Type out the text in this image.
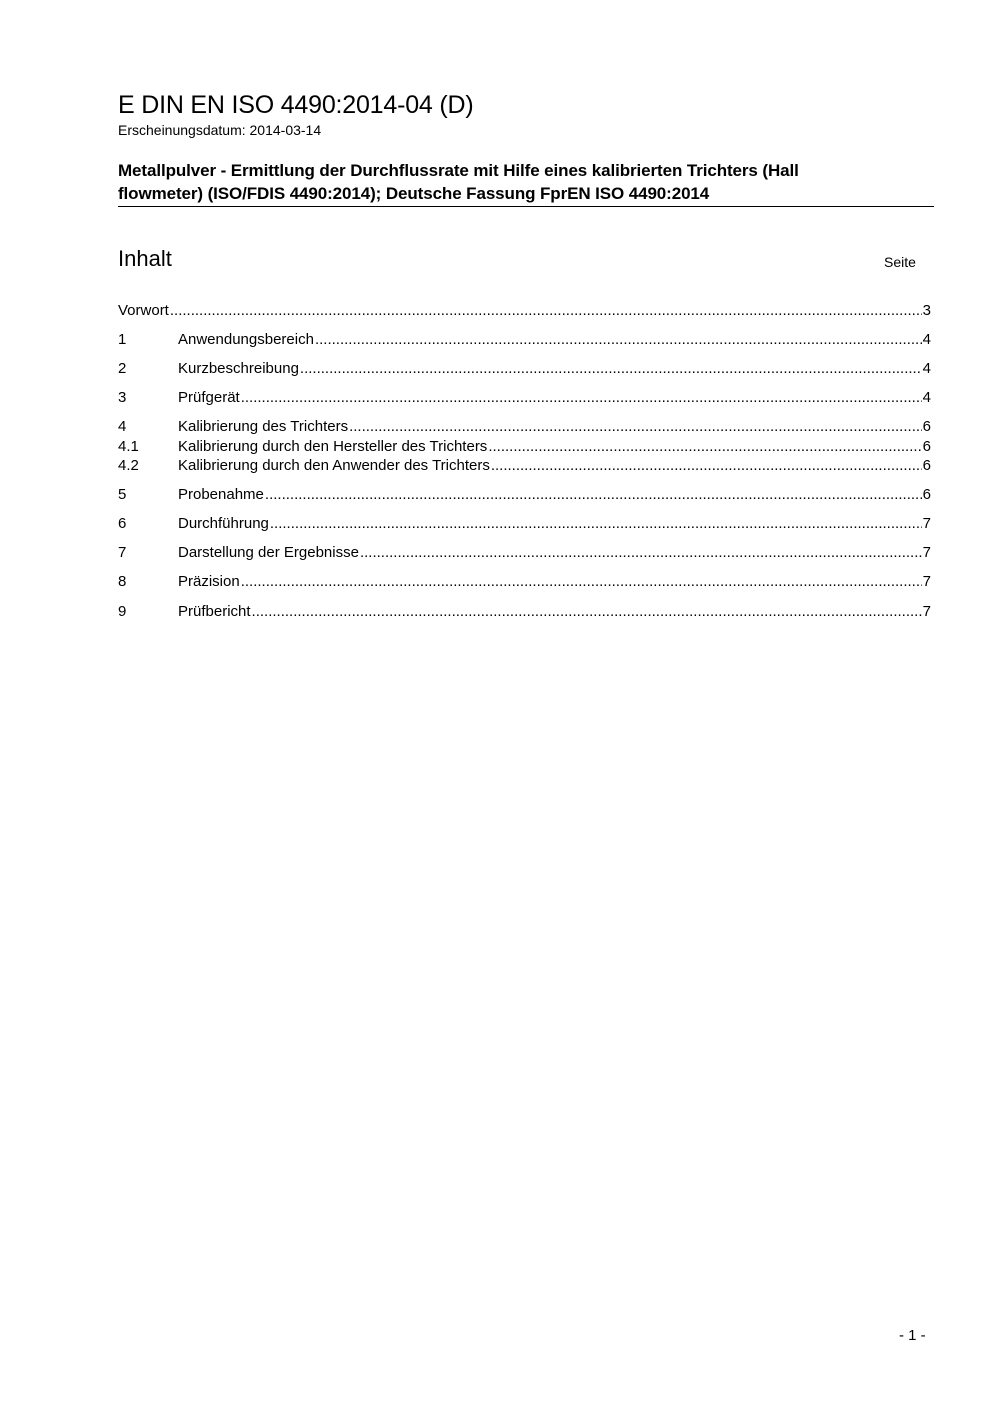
E DIN EN ISO 4490:2014-04 (D)
Erscheinungsdatum: 2014-03-14
Metallpulver - Ermittlung der Durchflussrate mit Hilfe eines kalibrierten Trichters (Hall
flowmeter) (ISO/FDIS 4490:2014); Deutsche Fassung FprEN ISO 4490:2014
Inhalt	Seite
Vorwort .....	3
1	Anwendungsbereich .....	4
2	Kurzbeschreibung .....	4
3	Prüfgerät .....	4
4	Kalibrierung des Trichters .....	6
4.1	Kalibrierung durch den Hersteller des Trichters .....	6
4.2	Kalibrierung durch den Anwender des Trichters .....	6
5	Probenahme .....	6
6	Durchführung .....	7
7	Darstellung der Ergebnisse .....	7
8	Präzision .....	7
9	Prüfbericht .....	7
- 1 -
